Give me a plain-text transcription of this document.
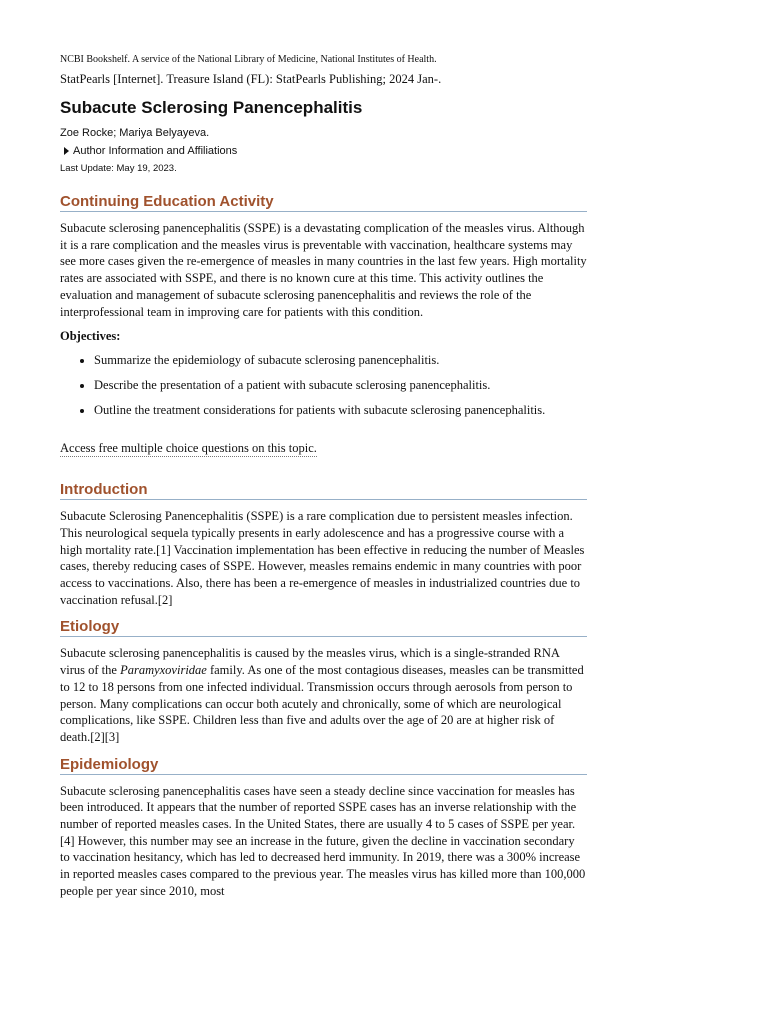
NCBI Bookshelf. A service of the National Library of Medicine, National Institutes of Health.
StatPearls [Internet]. Treasure Island (FL): StatPearls Publishing; 2024 Jan-.
Subacute Sclerosing Panencephalitis
Zoe Rocke; Mariya Belyayeva.
Author Information and Affiliations
Last Update: May 19, 2023.
Continuing Education Activity

Subacute sclerosing panencephalitis (SSPE) is a devastating complication of the measles virus. Although it is a rare complication and the measles virus is preventable with vaccination, healthcare systems may see more cases given the re-emergence of measles in many countries in the last few years. High mortality rates are associated with SSPE, and there is no known cure at this time. This activity outlines the evaluation and management of subacute sclerosing panencephalitis and reviews the role of the interprofessional team in improving care for patients with this condition.

Objectives:
• Summarize the epidemiology of subacute sclerosing panencephalitis.
• Describe the presentation of a patient with subacute sclerosing panencephalitis.
• Outline the treatment considerations for patients with subacute sclerosing panencephalitis.
Access free multiple choice questions on this topic.
Introduction

Subacute Sclerosing Panencephalitis (SSPE) is a rare complication due to persistent measles infection. This neurological sequela typically presents in early adolescence and has a progressive course with a high mortality rate.[1] Vaccination implementation has been effective in reducing the number of Measles cases, thereby reducing cases of SSPE. However, measles remains endemic in many countries with poor access to vaccinations. Also, there has been a re-emergence of measles in industrialized countries due to vaccination refusal.[2]

Etiology

Subacute sclerosing panencephalitis is caused by the measles virus, which is a single-stranded RNA virus of the Paramyxoviridae family. As one of the most contagious diseases, measles can be transmitted to 12 to 18 persons from one infected individual. Transmission occurs through aerosols from person to person. Many complications can occur both acutely and chronically, some of which are neurological complications, like SSPE. Children less than five and adults over the age of 20 are at higher risk of death.[2][3]

Epidemiology

Subacute sclerosing panencephalitis cases have seen a steady decline since vaccination for measles has been introduced. It appears that the number of reported SSPE cases has an inverse relationship with the number of reported measles cases. In the United States, there are usually 4 to 5 cases of SSPE per year.[4] However, this number may see an increase in the future, given the decline in vaccination secondary to vaccination hesitancy, which has led to decreased herd immunity. In 2019, there was a 300% increase in reported measles cases compared to the previous year. The measles virus has killed more than 100,000 people per year since 2010, most
